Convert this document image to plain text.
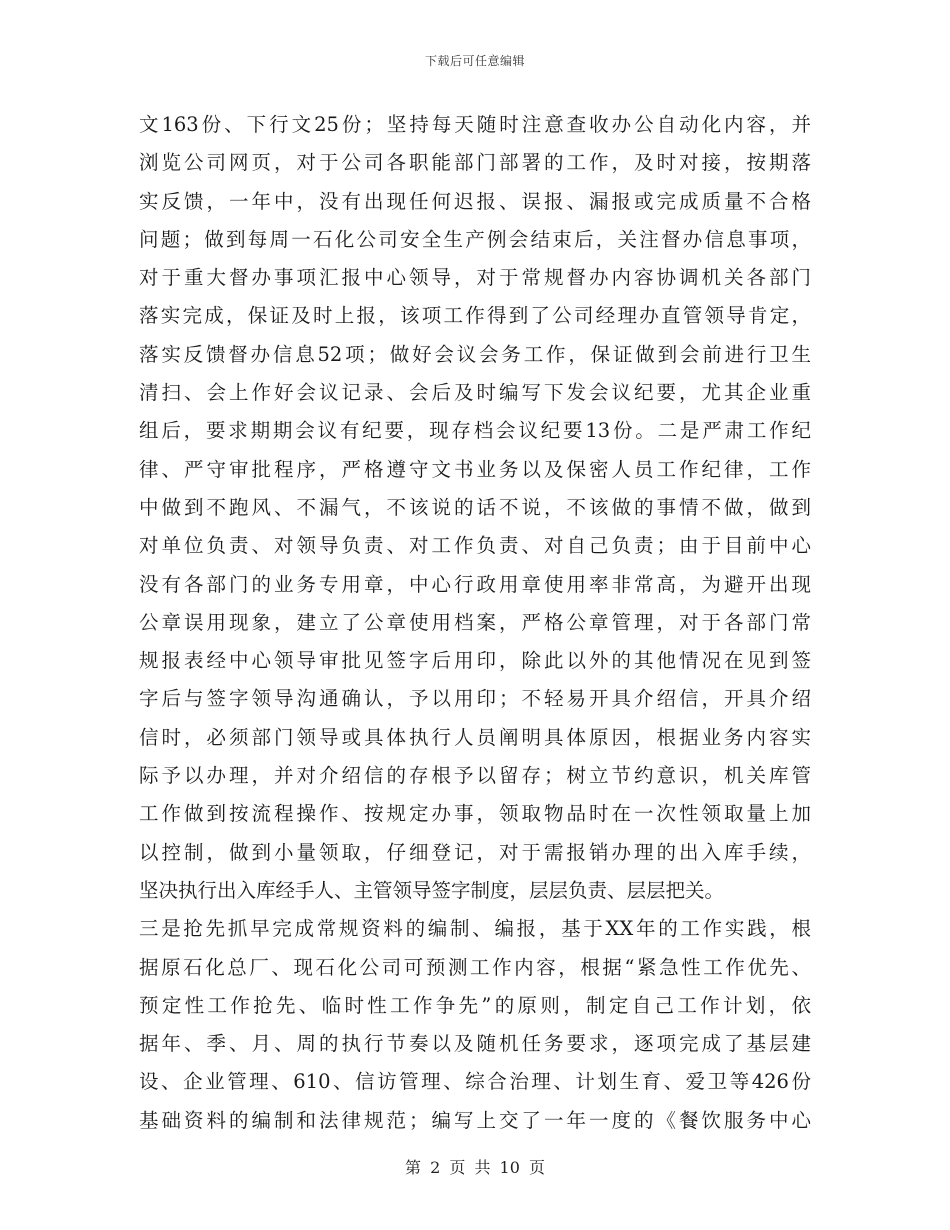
下载后可任意编辑
文163份、下行文25份；坚持每天随时注意查收办公自动化内容，并
浏览公司网页，对于公司各职能部门部署的工作，及时对接，按期落
实反馈，一年中，没有出现任何迟报、误报、漏报或完成质量不合格
问题；做到每周一石化公司安全生产例会结束后，关注督办信息事项，
对于重大督办事项汇报中心领导，对于常规督办内容协调机关各部门
落实完成，保证及时上报，该项工作得到了公司经理办直管领导肯定，
落实反馈督办信息52项；做好会议会务工作，保证做到会前进行卫生
清扫、会上作好会议记录、会后及时编写下发会议纪要，尤其企业重
组后，要求期期会议有纪要，现存档会议纪要13份。二是严肃工作纪
律、严守审批程序，严格遵守文书业务以及保密人员工作纪律，工作
中做到不跑风、不漏气，不该说的话不说，不该做的事情不做，做到
对单位负责、对领导负责、对工作负责、对自己负责；由于目前中心
没有各部门的业务专用章，中心行政用章使用率非常高，为避开出现
公章误用现象，建立了公章使用档案，严格公章管理，对于各部门常
规报表经中心领导审批见签字后用印，除此以外的其他情况在见到签
字后与签字领导沟通确认，予以用印；不轻易开具介绍信，开具介绍
信时，必须部门领导或具体执行人员阐明具体原因，根据业务内容实
际予以办理，并对介绍信的存根予以留存；树立节约意识，机关库管
工作做到按流程操作、按规定办事，领取物品时在一次性领取量上加
以控制，做到小量领取，仔细登记，对于需报销办理的出入库手续，
坚决执行出入库经手人、主管领导签字制度，层层负责、层层把关。
三是抢先抓早完成常规资料的编制、编报，基于XX年的工作实践，根
据原石化总厂、现石化公司可预测工作内容，根据“紧急性工作优先、
预定性工作抢先、临时性工作争先”的原则，制定自己工作计划，依
据年、季、月、周的执行节奏以及随机任务要求，逐项完成了基层建
设、企业管理、610、信访管理、综合治理、计划生育、爱卫等426份
基础资料的编制和法律规范；编写上交了一年一度的《餐饮服务中心
第 2 页 共 10 页
